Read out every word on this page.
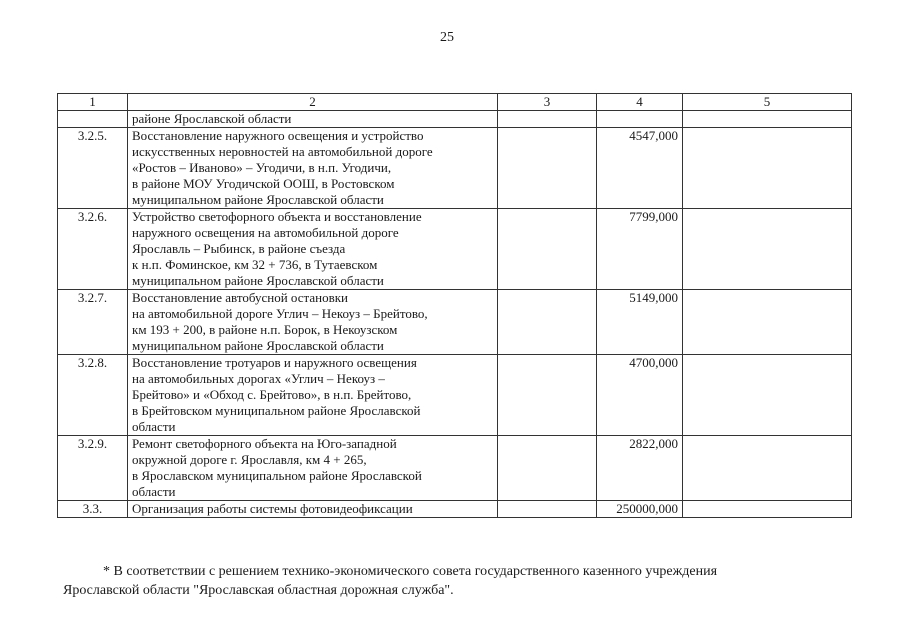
25
1	2	3	4	5
	районе Ярославской области			
3.2.5.	Восстановление наружного освещения и устройство
искусственных неровностей на автомобильной дороге
«Ростов – Иваново» – Угодичи, в н.п. Угодичи,
в районе МОУ Угодичской ООШ, в Ростовском
муниципальном районе Ярославской области		4547,000	
3.2.6.	Устройство светофорного объекта и восстановление
наружного освещения на автомобильной дороге
Ярославль – Рыбинск, в районе съезда
к н.п. Фоминское, км 32 + 736, в Тутаевском
муниципальном районе Ярославской области		7799,000	
3.2.7.	Восстановление автобусной остановки
на автомобильной дороге Углич – Некоуз – Брейтово,
км 193 + 200, в районе н.п. Борок, в Некоузском
муниципальном районе Ярославской области		5149,000	
3.2.8.	Восстановление тротуаров и наружного освещения
на автомобильных дорогах «Углич – Некоуз –
Брейтово» и «Обход с. Брейтово», в н.п. Брейтово,
в Брейтовском муниципальном районе Ярославской
области		4700,000	
3.2.9.	Ремонт светофорного объекта на Юго-западной
окружной дороге г. Ярославля, км 4 + 265,
в Ярославском муниципальном районе Ярославской
области		2822,000	
3.3.	Организация работы системы фотовидеофиксации		250000,000	
* В соответствии с решением технико-экономического совета государственного казенного учреждения
Ярославской области "Ярославская областная дорожная служба".
